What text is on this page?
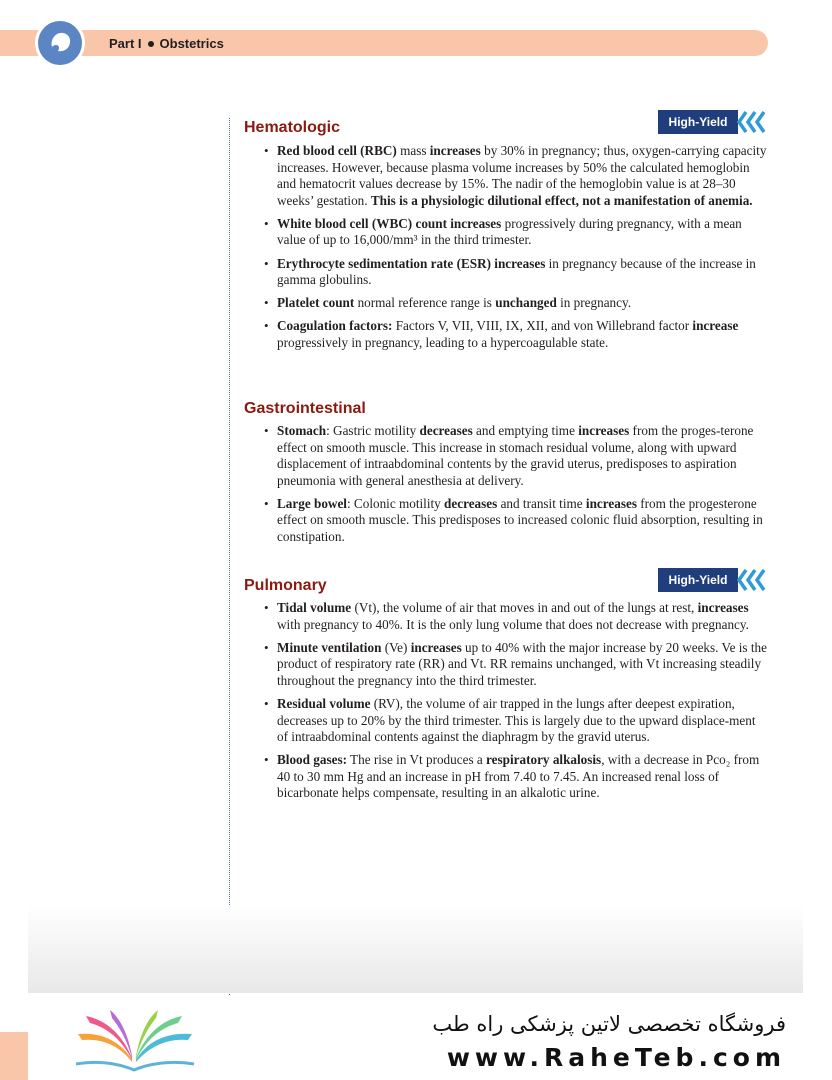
Part I Obstetrics
Hematologic	High-Yield
• Red blood cell (RBC) mass increases by 30% in pregnancy; thus, oxygen-carrying capacity increases. However, because plasma volume increases by 50% the calculated hemoglobin and hematocrit values decrease by 15%. The nadir of the hemoglobin value is at 28–30 weeks’ gestation. This is a physiologic dilutional effect, not a manifestation of anemia.
• White blood cell (WBC) count increases progressively during pregnancy, with a mean value of up to 16,000/mm³ in the third trimester.
• Erythrocyte sedimentation rate (ESR) increases in pregnancy because of the increase in gamma globulins.
• Platelet count normal reference range is unchanged in pregnancy.
• Coagulation factors: Factors V, VII, VIII, IX, XII, and von Willebrand factor increase progressively in pregnancy, leading to a hypercoagulable state.
Gastrointestinal
• Stomach: Gastric motility decreases and emptying time increases from the proges-terone effect on smooth muscle. This increase in stomach residual volume, along with upward displacement of intraabdominal contents by the gravid uterus, predisposes to aspiration pneumonia with general anesthesia at delivery.
• Large bowel: Colonic motility decreases and transit time increases from the progesterone effect on smooth muscle. This predisposes to increased colonic fluid absorption, resulting in constipation.
Pulmonary	High-Yield
• Tidal volume (Vt), the volume of air that moves in and out of the lungs at rest, increases with pregnancy to 40%. It is the only lung volume that does not decrease with pregnancy.
• Minute ventilation (Ve) increases up to 40% with the major increase by 20 weeks. Ve is the product of respiratory rate (RR) and Vt. RR remains unchanged, with Vt increasing steadily throughout the pregnancy into the third trimester.
• Residual volume (RV), the volume of air trapped in the lungs after deepest expiration, decreases up to 20% by the third trimester. This is largely due to the upward displace-ment of intraabdominal contents against the diaphragm by the gravid uterus.
• Blood gases: The rise in Vt produces a respiratory alkalosis, with a decrease in Pco₂ from 40 to 30 mm Hg and an increase in pH from 7.40 to 7.45. An increased renal loss of bicarbonate helps compensate, resulting in an alkalotic urine.
فروشگاه تخصصی لاتین پزشکی راه طب
www.RaheTeb.com
